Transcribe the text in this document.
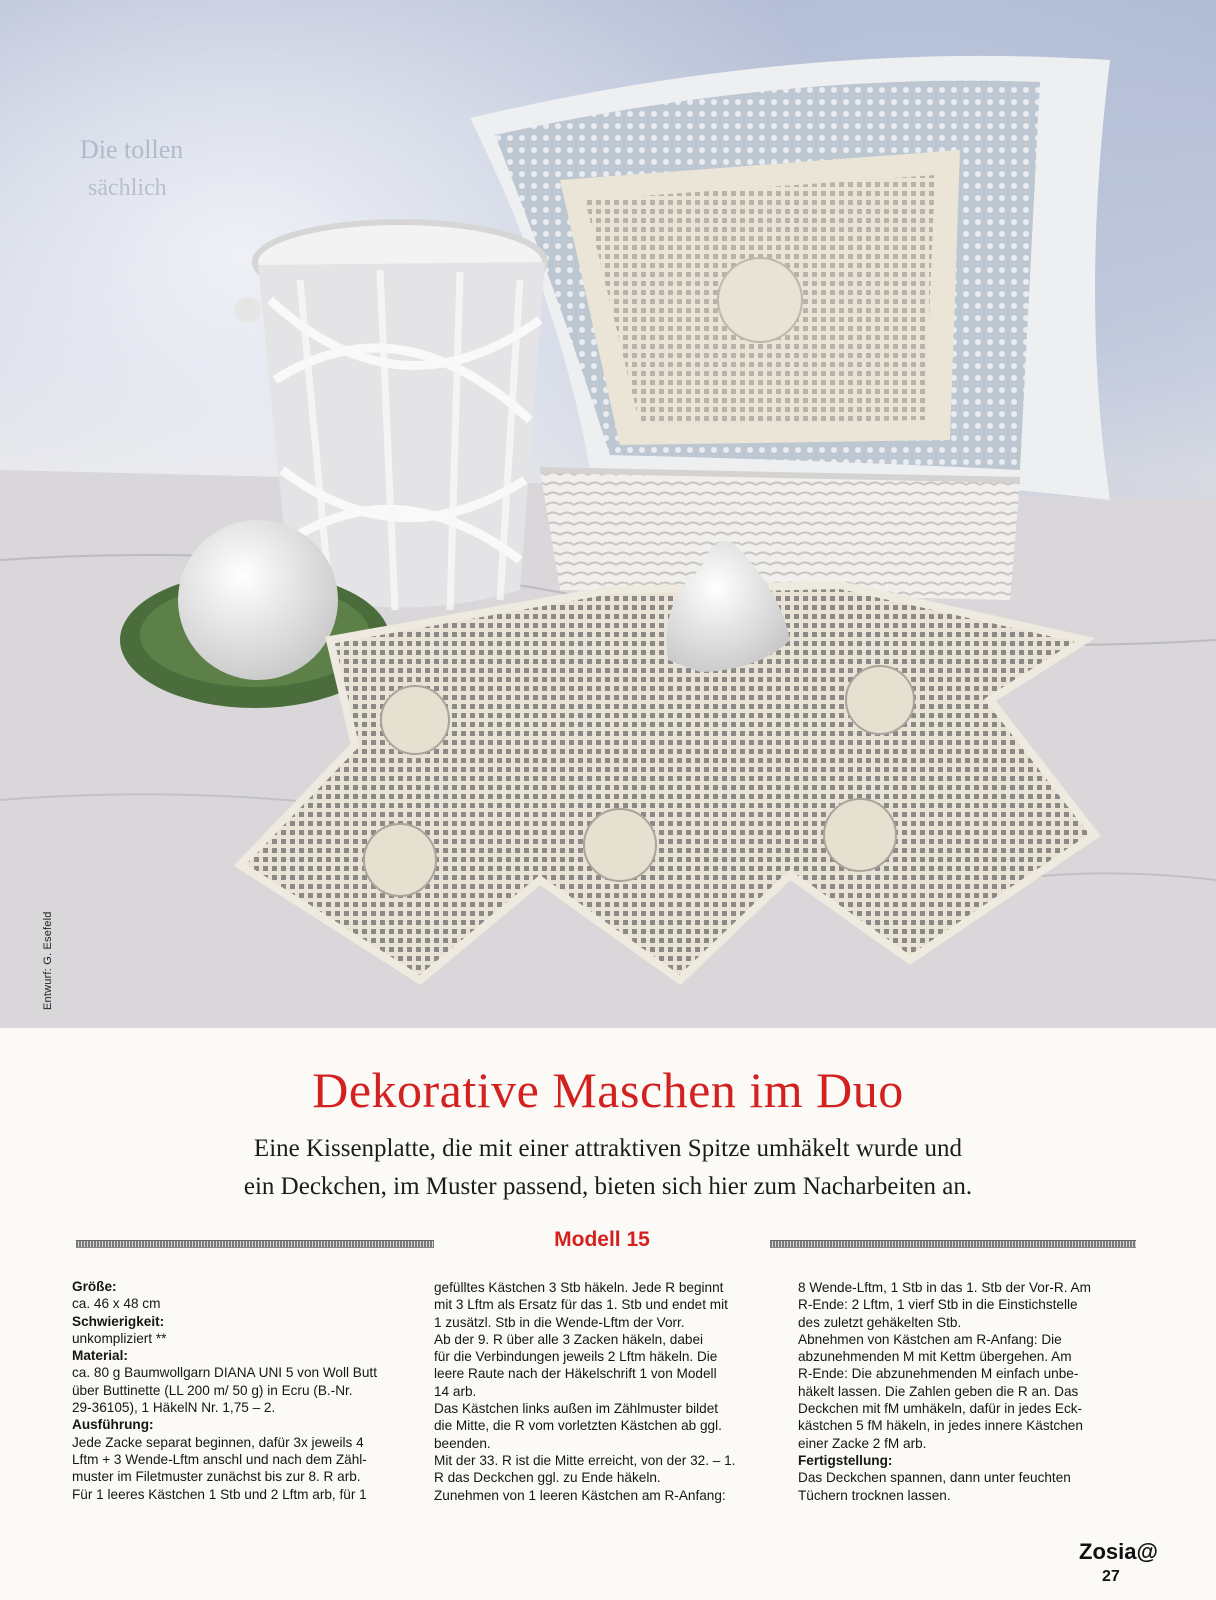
Die tollen
sächlich
Entwurf: G. Esefeld
Dekorative Maschen im Duo
Eine Kissenplatte, die mit einer attraktiven Spitze umhäkelt wurde und
ein Deckchen, im Muster passend, bieten sich hier zum Nacharbeiten an.
Modell 15

Größe:

ca. 46 x 48 cm

Schwierigkeit:

unkompliziert **

Material:

ca. 80 g Baumwollgarn DIANA UNI 5 von Woll Butt

über Buttinette (LL 200 m/ 50 g) in Ecru (B.-Nr.

29-36105), 1 HäkelN Nr. 1,75 – 2.

Ausführung:

Jede Zacke separat beginnen, dafür 3x jeweils 4

Lftm + 3 Wende-Lftm anschl und nach dem Zähl-

muster im Filetmuster zunächst bis zur 8. R arb.

Für 1 leeres Kästchen 1 Stb und 2 Lftm arb, für 1

gefülltes Kästchen 3 Stb häkeln. Jede R beginnt

mit 3 Lftm als Ersatz für das 1. Stb und endet mit

1 zusätzl. Stb in die Wende-Lftm der Vorr.

Ab der 9. R über alle 3 Zacken häkeln, dabei

für die Verbindungen jeweils 2 Lftm häkeln. Die

leere Raute nach der Häkelschrift 1 von Modell

14 arb.

Das Kästchen links außen im Zählmuster bildet

die Mitte, die R vom vorletzten Kästchen ab ggl.

beenden.

Mit der 33. R ist die Mitte erreicht, von der 32. – 1.

R das Deckchen ggl. zu Ende häkeln.

Zunehmen von 1 leeren Kästchen am R-Anfang:

8 Wende-Lftm, 1 Stb in das 1. Stb der Vor-R. Am

R-Ende: 2 Lftm, 1 vierf Stb in die Einstichstelle

des zuletzt gehäkelten Stb.

Abnehmen von Kästchen am R-Anfang: Die

abzunehmenden M mit Kettm übergehen. Am

R-Ende: Die abzunehmenden M einfach unbe-

häkelt lassen. Die Zahlen geben die R an. Das

Deckchen mit fM umhäkeln, dafür in jedes Eck-

kästchen 5 fM häkeln, in jedes innere Kästchen

einer Zacke 2 fM arb.

Fertigstellung:

Das Deckchen spannen, dann unter feuchten

Tüchern trocknen lassen.

Zosia@
27
